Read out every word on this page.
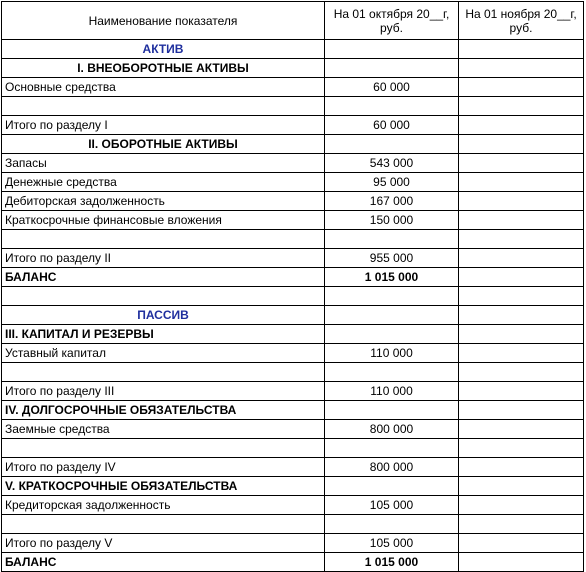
Наименование показателя	На 01 октября 20__г, руб.	На 01 ноября 20__г, руб.
АКТИВ		
I. ВНЕОБОРОТНЫЕ АКТИВЫ		
Основные средства	60 000	

Итого по разделу I	60 000	
II. ОБОРОТНЫЕ АКТИВЫ		
Запасы	543 000	
Денежные средства	95 000	
Дебиторская задолженность	167 000	
Краткосрочные финансовые вложения	150 000	

Итого по разделу II	955 000	
БАЛАНС	1 015 000	

ПАССИВ		
III. КАПИТАЛ И РЕЗЕРВЫ		
Уставный капитал	110 000	

Итого по разделу III	110 000	
IV. ДОЛГОСРОЧНЫЕ ОБЯЗАТЕЛЬСТВА		
Заемные средства	800 000	

Итого по разделу IV	800 000	
V. КРАТКОСРОЧНЫЕ ОБЯЗАТЕЛЬСТВА		
Кредиторская задолженность	105 000	

Итого по разделу V	105 000	
БАЛАНС	1 015 000	
